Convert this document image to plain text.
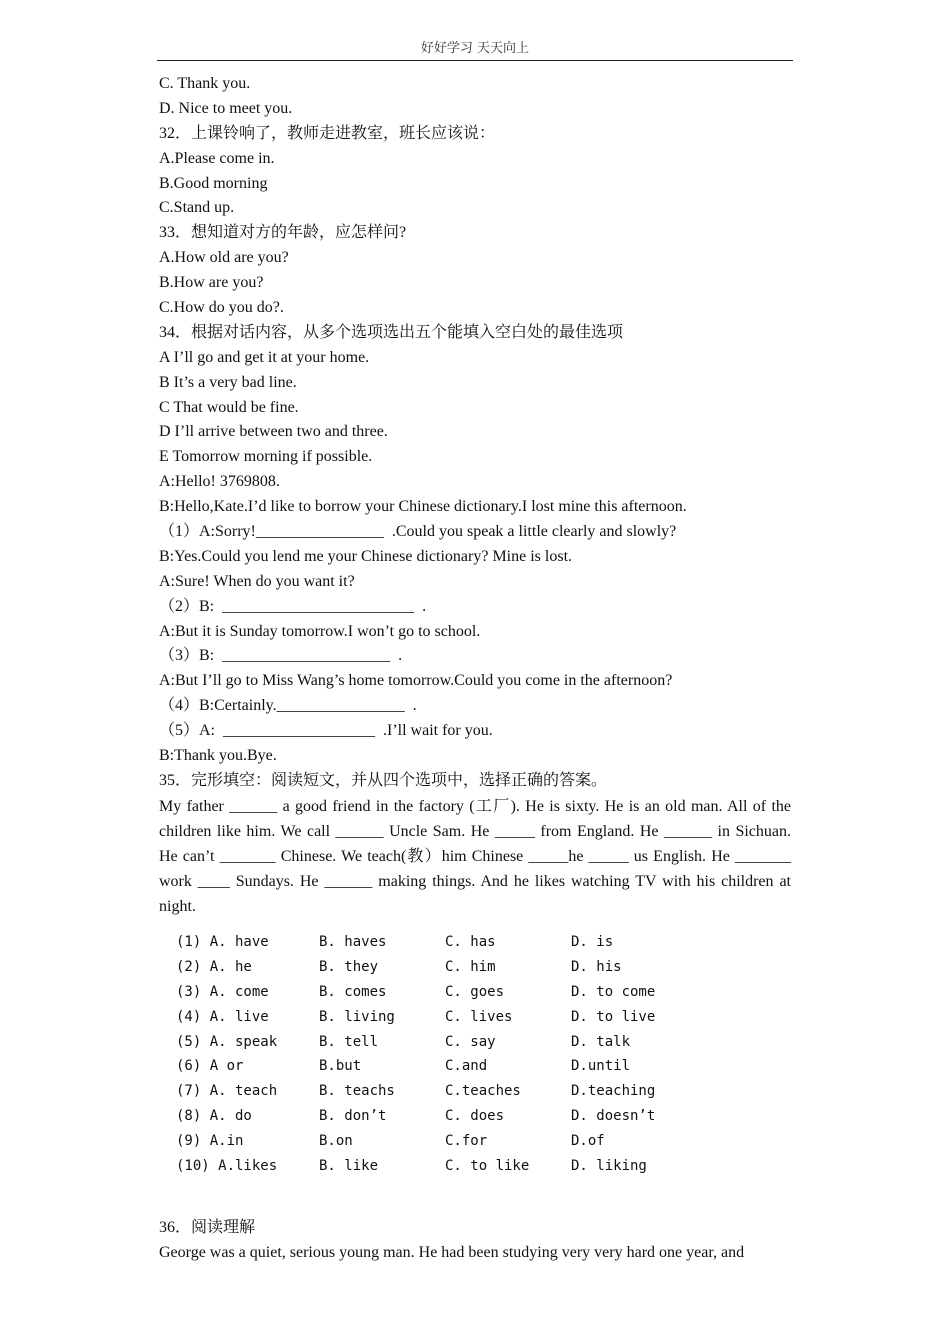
好好学习 天天向上
C. Thank you.
D. Nice to meet you.
32．上课铃响了，教师走进教室，班长应该说：
A.Please come in.
B.Good morning
C.Stand up.
33．想知道对方的年龄，应怎样问?
A.How old are you?
B.How are you?
C.How do you do?.
34．根据对话内容，从多个选项选出五个能填入空白处的最佳选项
A I’ll go and get it at your home.
B It’s a very bad line.
C That would be fine.
D I’ll arrive between two and three.
E Tomorrow morning if possible.
A:Hello! 3769808.
B:Hello,Kate.I’d like to borrow your Chinese dictionary.I lost mine this afternoon.
（1）A:Sorry!________________  .Could you speak a little clearly and slowly?
B:Yes.Could you lend me your Chinese dictionary? Mine is lost.
A:Sure! When do you want it?
（2）B:  ________________________  .
A:But it is Sunday tomorrow.I won’t go to school.
（3）B:  _____________________  .
A:But I’ll go to Miss Wang’s home tomorrow.Could you come in the afternoon?
（4）B:Certainly.________________  .
（5）A:  ___________________  .I’ll wait for you.
B:Thank you.Bye.
35．完形填空：阅读短文，并从四个选项中，选择正确的答案。
My father ______ a good friend in the factory (工厂). He is sixty. He is an old man. All of the children like him. We call ______ Uncle Sam. He _____ from England. He ______ in Sichuan. He can’t _______ Chinese. We teach(教）him Chinese _____he _____ us English. He _______ work ____ Sundays. He ______ making things. And he likes watching TV with his children at night.
(1) A. have	B. haves	C. has	D. is
(2) A. he	B. they	C. him	D. his
(3) A. come	B. comes	C. goes	D. to come
(4) A. live	B. living	C. lives	D. to live
(5) A. speak	B. tell	C. say	D. talk
(6) A or	B.but	C.and	D.until
(7) A. teach	B. teachs	C.teaches	D.teaching
(8) A. do	B. don’t	C. does	D. doesn’t
(9) A.in	B.on	C.for	D.of
(10) A.likes	B. like	C. to like	D. liking
36．阅读理解
George was a quiet, serious young man. He had been studying very very hard one year, and
